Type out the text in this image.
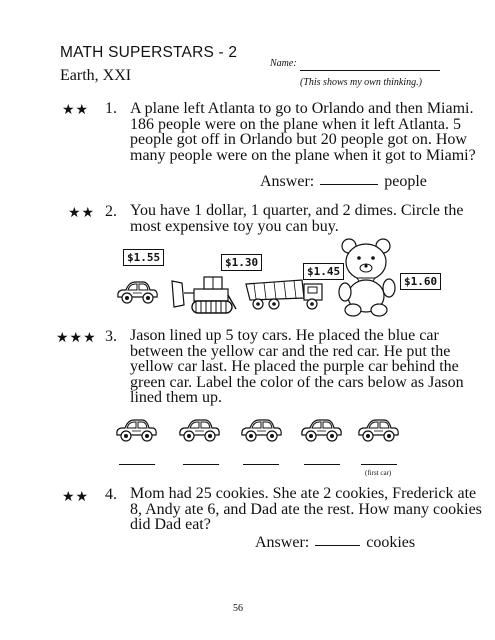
MATH SUPERSTARS - 2
Earth, XXI
Name:
(This shows my own thinking.)
★★ 1. A plane left Atlanta to go to Orlando and then Miami.
186 people were on the plane when it left Atlanta. 5
people got off in Orlando but 20 people got on. How
many people were on the plane when it got to Miami?
Answer:	people
★★ 2. You have 1 dollar, 1 quarter, and 2 dimes. Circle the
most expensive toy you can buy.
$1.55	$1.30
$1.45
$1.60
★★★ 3. Jason lined up 5 toy cars. He placed the blue car
between the yellow car and the red car. He put the
yellow car last. He placed the purple car behind the
green car. Label the color of the cars below as Jason
lined them up.
(first car)
★★ 4. Mom had 25 cookies. She ate 2 cookies, Frederick ate
8, Andy ate 6, and Dad ate the rest. How many cookies
did Dad eat?
Answer:	cookies
56
